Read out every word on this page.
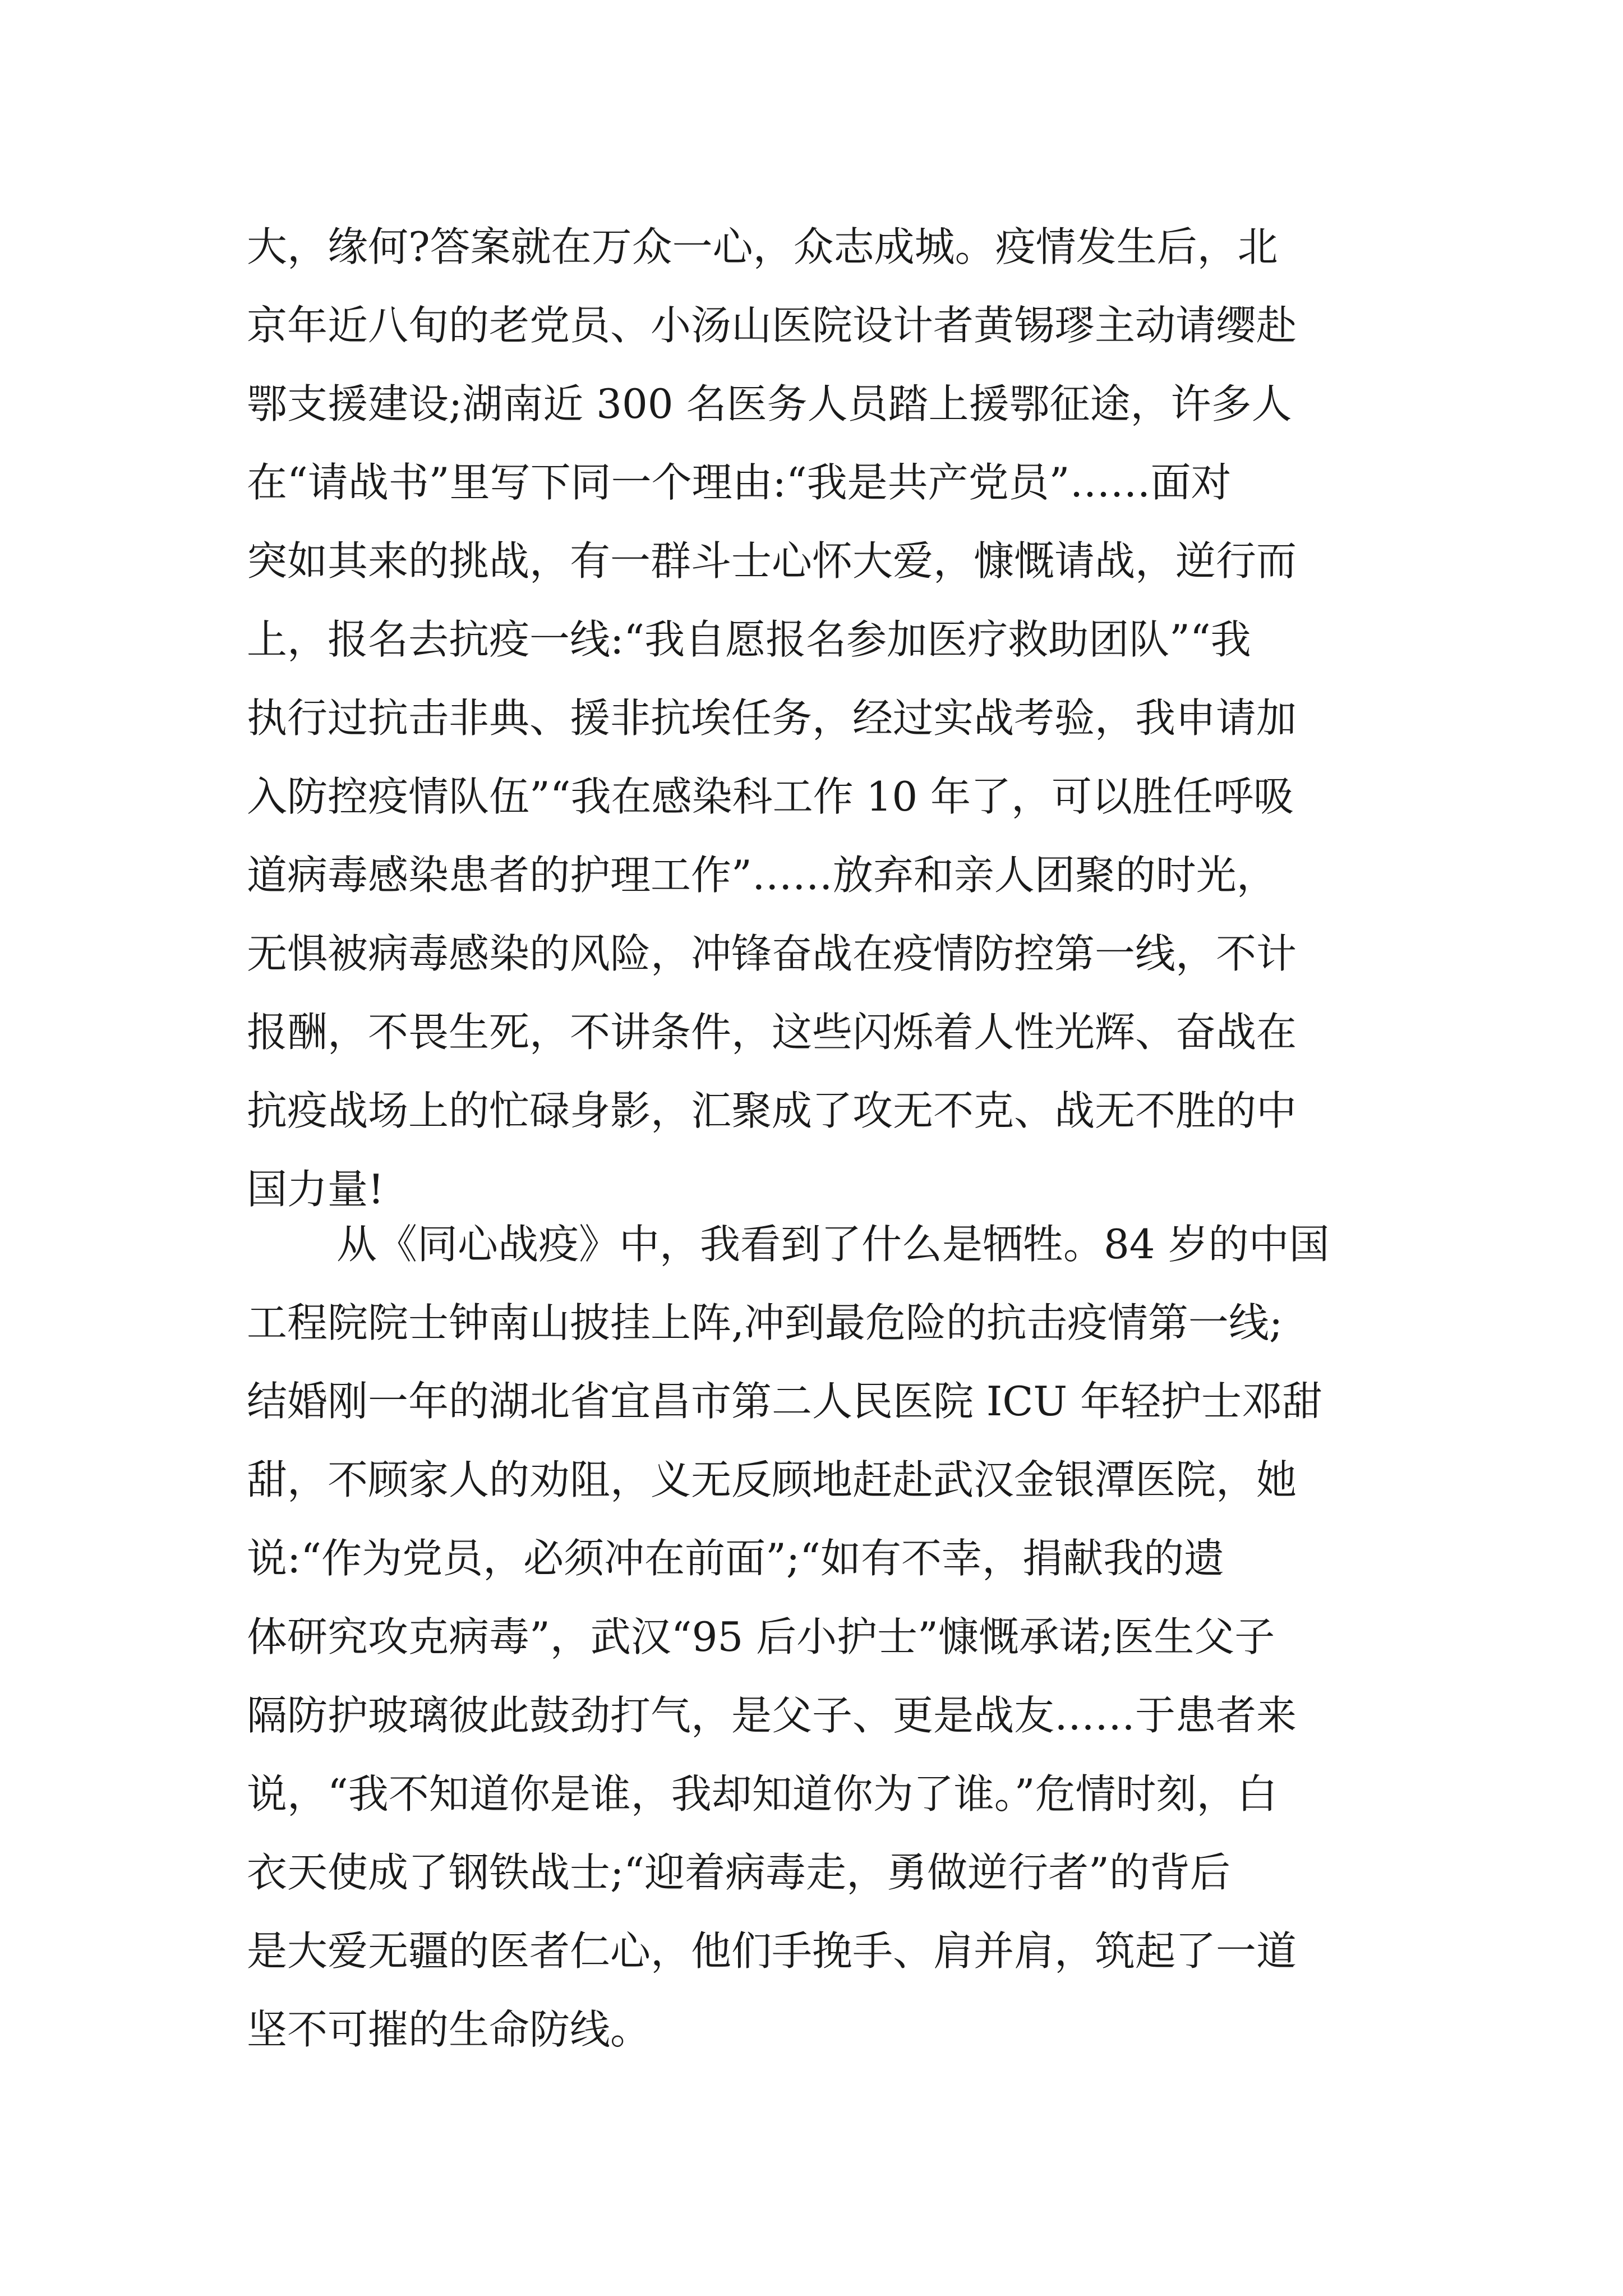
大，缘何?答案就在万众一心，众志成城。疫情发生后，北
京年近八旬的老党员、小汤山医院设计者黄锡璆主动请缨赴
鄂支援建设;湖南近 300 名医务人员踏上援鄂征途，许多人
在“请战书”里写下同一个理由:“我是共产党员”……面对
突如其来的挑战，有一群斗士心怀大爱，慷慨请战，逆行而
上，报名去抗疫一线:“我自愿报名参加医疗救助团队”“我
执行过抗击非典、援非抗埃任务，经过实战考验，我申请加
入防控疫情队伍”“我在感染科工作 10 年了，可以胜任呼吸
道病毒感染患者的护理工作”……放弃和亲人团聚的时光，
无惧被病毒感染的风险，冲锋奋战在疫情防控第一线，不计
报酬，不畏生死，不讲条件，这些闪烁着人性光辉、奋战在
抗疫战场上的忙碌身影，汇聚成了攻无不克、战无不胜的中
国力量!
从《同心战疫》中，我看到了什么是牺牲。84 岁的中国
工程院院士钟南山披挂上阵,冲到最危险的抗击疫情第一线;
结婚刚一年的湖北省宜昌市第二人民医院 ICU 年轻护士邓甜
甜，不顾家人的劝阻，义无反顾地赶赴武汉金银潭医院，她
说:“作为党员，必须冲在前面”;“如有不幸，捐献我的遗
体研究攻克病毒”，武汉“95 后小护士”慷慨承诺;医生父子
隔防护玻璃彼此鼓劲打气，是父子、更是战友……于患者来
说，“我不知道你是谁，我却知道你为了谁。”危情时刻，白
衣天使成了钢铁战士;“迎着病毒走，勇做逆行者”的背后
是大爱无疆的医者仁心，他们手挽手、肩并肩，筑起了一道
坚不可摧的生命防线。
